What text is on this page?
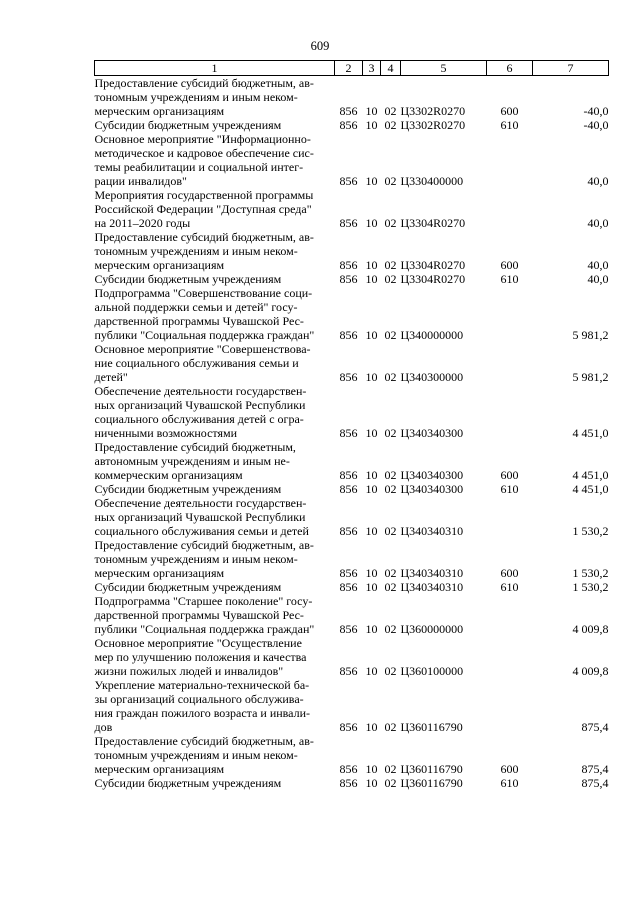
609
1	2	3	4	5	6	7
Предоставление субсидий бюджетным, ав-
тономным учреждениям и иным неком-
мерческим организациям	856	10	02	Ц3302R0270	600	-40,0
Субсидии бюджетным учреждениям	856	10	02	Ц3302R0270	610	-40,0
Основное мероприятие "Информационно-
методическое и кадровое обеспечение сис-
темы реабилитации и социальной интег-
рации инвалидов"	856	10	02	Ц330400000		40,0
Мероприятия государственной программы
Российской Федерации "Доступная среда"
на 2011–2020 годы	856	10	02	Ц3304R0270		40,0
Предоставление субсидий бюджетным, ав-
тономным учреждениям и иным неком-
мерческим организациям	856	10	02	Ц3304R0270	600	40,0
Субсидии бюджетным учреждениям	856	10	02	Ц3304R0270	610	40,0
Подпрограмма "Совершенствование соци-
альной поддержки семьи и детей" госу-
дарственной программы Чувашской Рес-
публики "Социальная поддержка граждан"	856	10	02	Ц340000000		5 981,2
Основное мероприятие "Совершенствова-
ние социального обслуживания семьи и
детей"	856	10	02	Ц340300000		5 981,2
Обеспечение деятельности государствен-
ных организаций Чувашской Республики
социального обслуживания детей с огра-
ниченными возможностями	856	10	02	Ц340340300		4 451,0
Предоставление субсидий бюджетным,
автономным учреждениям и иным не-
коммерческим организациям	856	10	02	Ц340340300	600	4 451,0
Субсидии бюджетным учреждениям	856	10	02	Ц340340300	610	4 451,0
Обеспечение деятельности государствен-
ных организаций Чувашской Республики
социального обслуживания семьи и детей	856	10	02	Ц340340310		1 530,2
Предоставление субсидий бюджетным, ав-
тономным учреждениям и иным неком-
мерческим организациям	856	10	02	Ц340340310	600	1 530,2
Субсидии бюджетным учреждениям	856	10	02	Ц340340310	610	1 530,2
Подпрограмма "Старшее поколение" госу-
дарственной программы Чувашской Рес-
публики "Социальная поддержка граждан"	856	10	02	Ц360000000		4 009,8
Основное мероприятие "Осуществление
мер по улучшению положения и качества
жизни пожилых людей и инвалидов"	856	10	02	Ц360100000		4 009,8
Укрепление материально-технической ба-
зы организаций социального обслужива-
ния граждан пожилого возраста и инвали-
дов	856	10	02	Ц360116790		875,4
Предоставление субсидий бюджетным, ав-
тономным учреждениям и иным неком-
мерческим организациям	856	10	02	Ц360116790	600	875,4
Субсидии бюджетным учреждениям	856	10	02	Ц360116790	610	875,4
